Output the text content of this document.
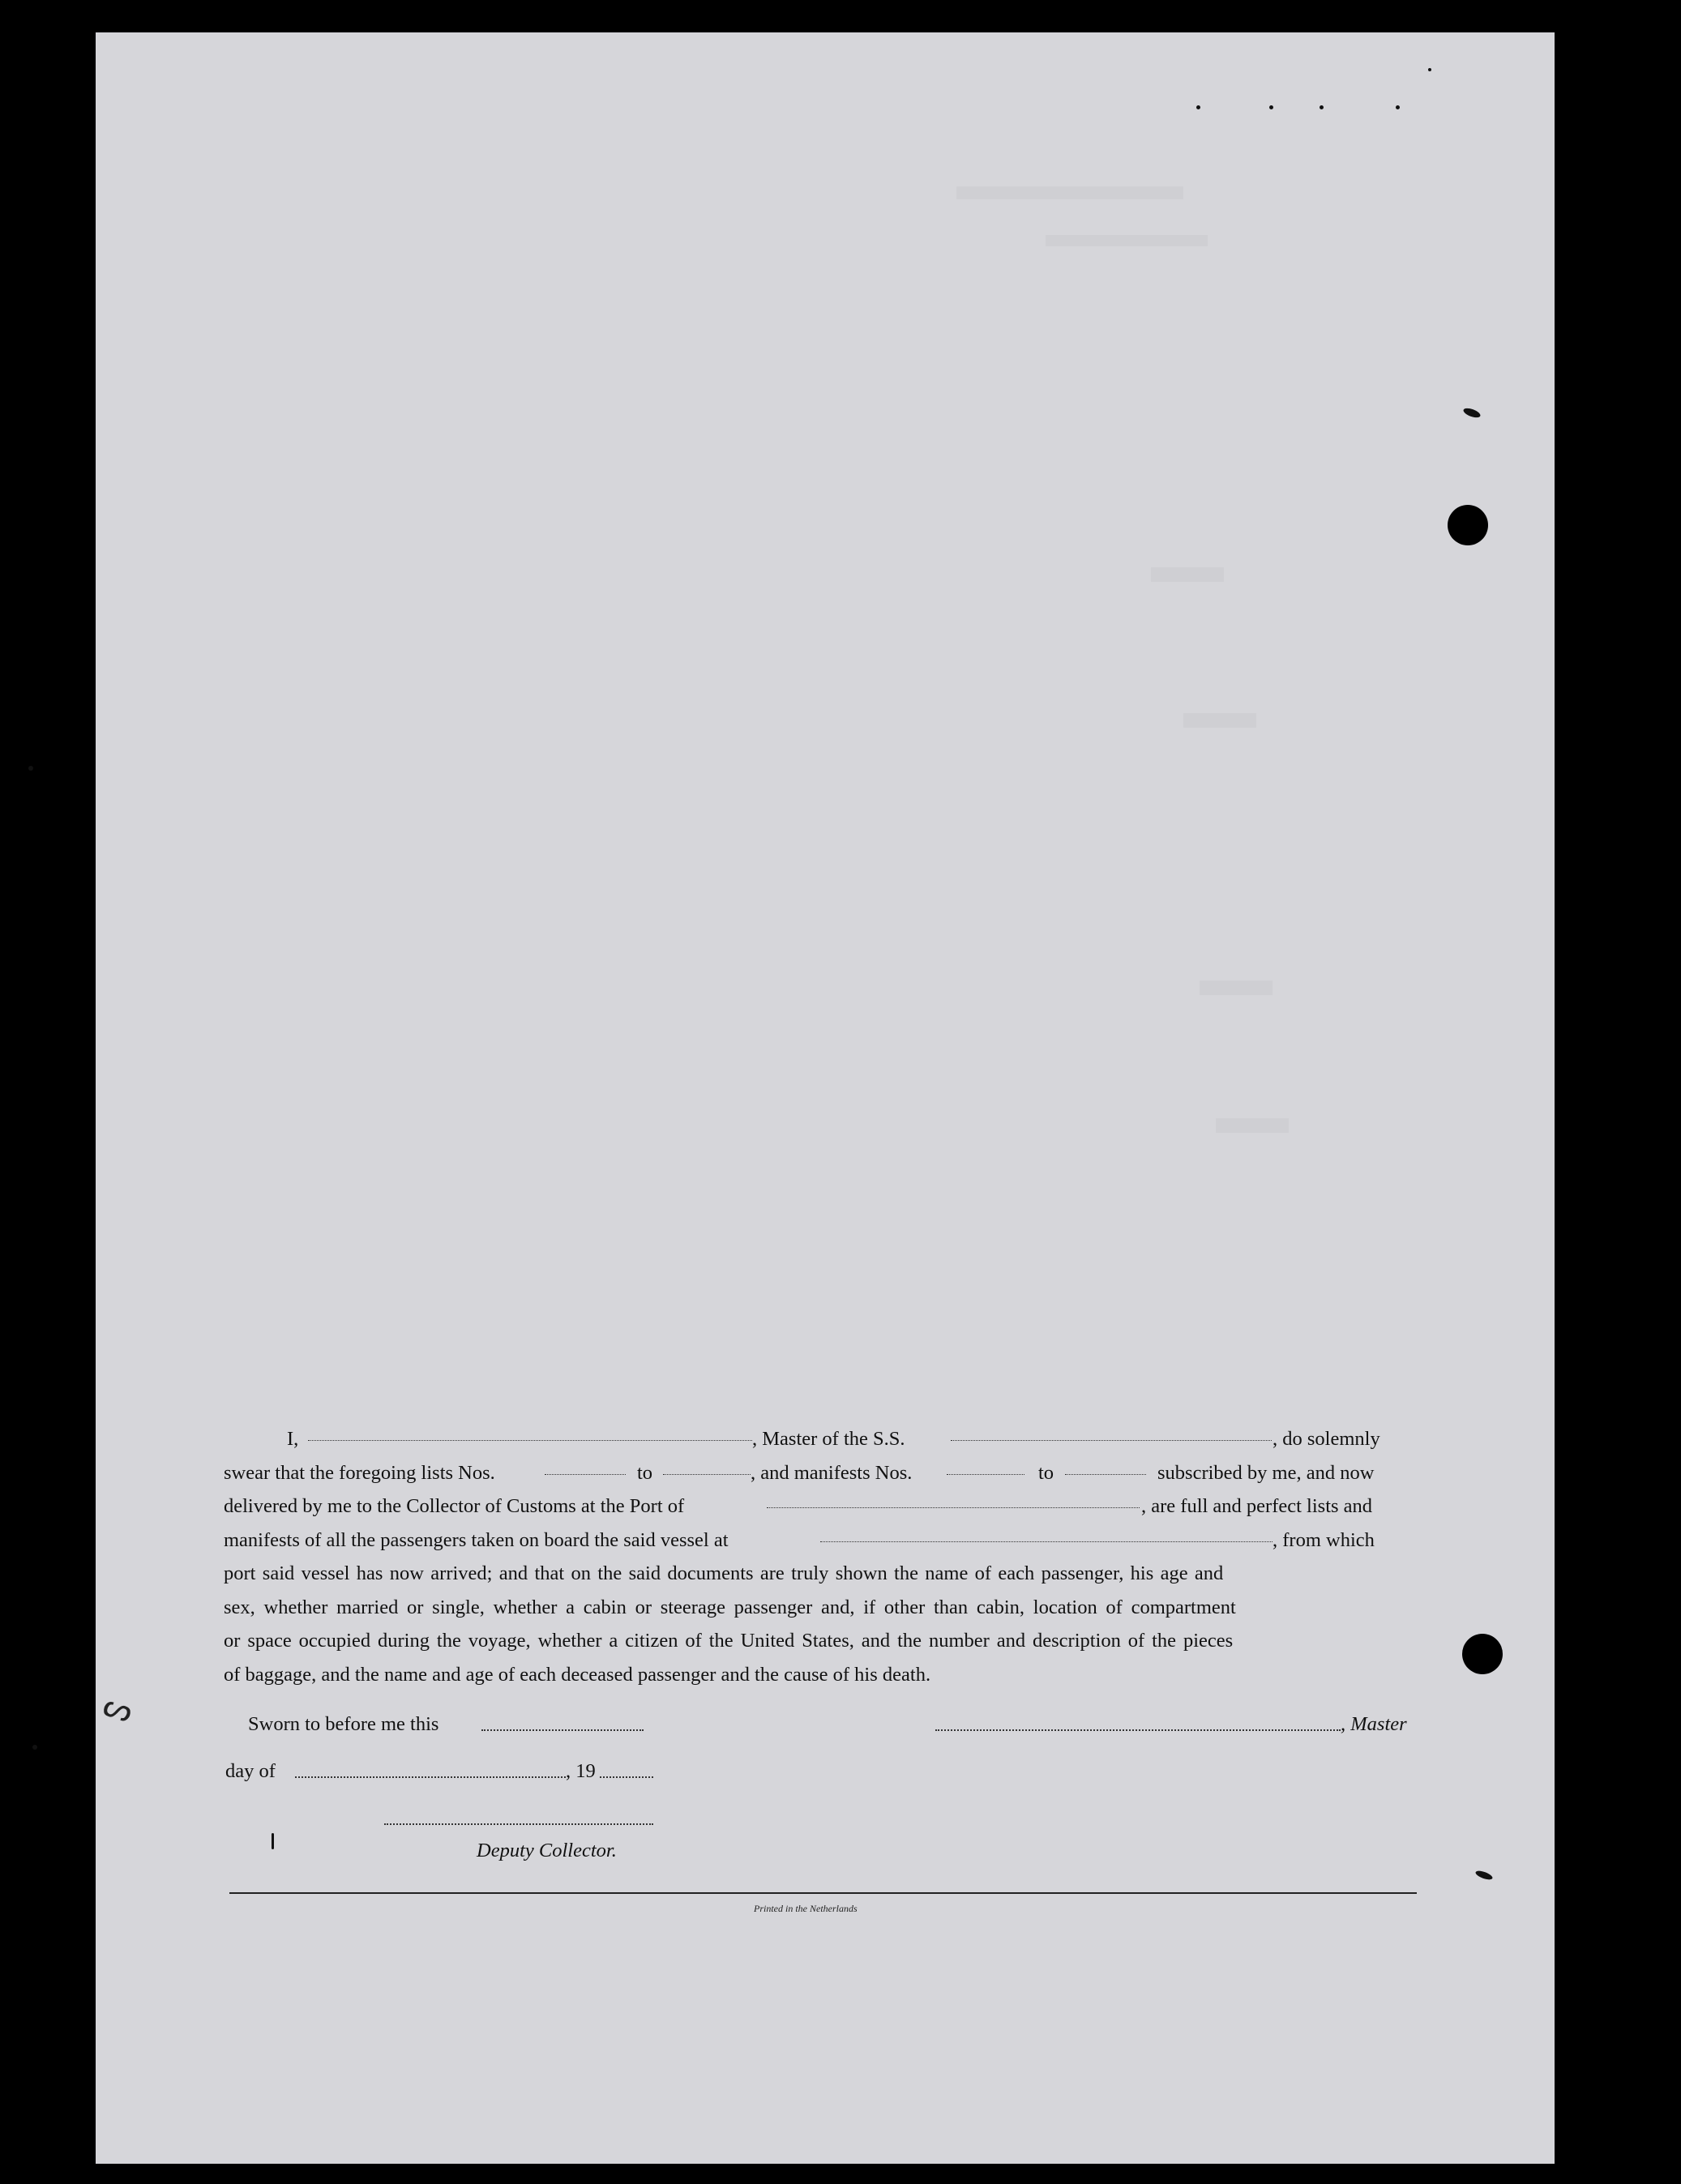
ᔕ
I,	, Master of the S.S.	, do solemnly
swear that the foregoing lists Nos.	to	, and manifests Nos.	to	subscribed by me, and now
delivered by me to the Collector of Customs at the Port of	, are full and perfect lists and
manifests of all the passengers taken on board the said vessel at	, from which
port said vessel has now arrived; and that on the said documents are truly shown the name of each passenger, his age and
sex, whether married or single, whether a cabin or steerage passenger and, if other than cabin, location of compartment
or space occupied during the voyage, whether a citizen of the United States, and the number and description of the pieces
of baggage, and the name and age of each deceased passenger and the cause of his death.
Sworn to before me this	, Master
day of	, 19
Deputy Collector.
Printed in the Netherlands
